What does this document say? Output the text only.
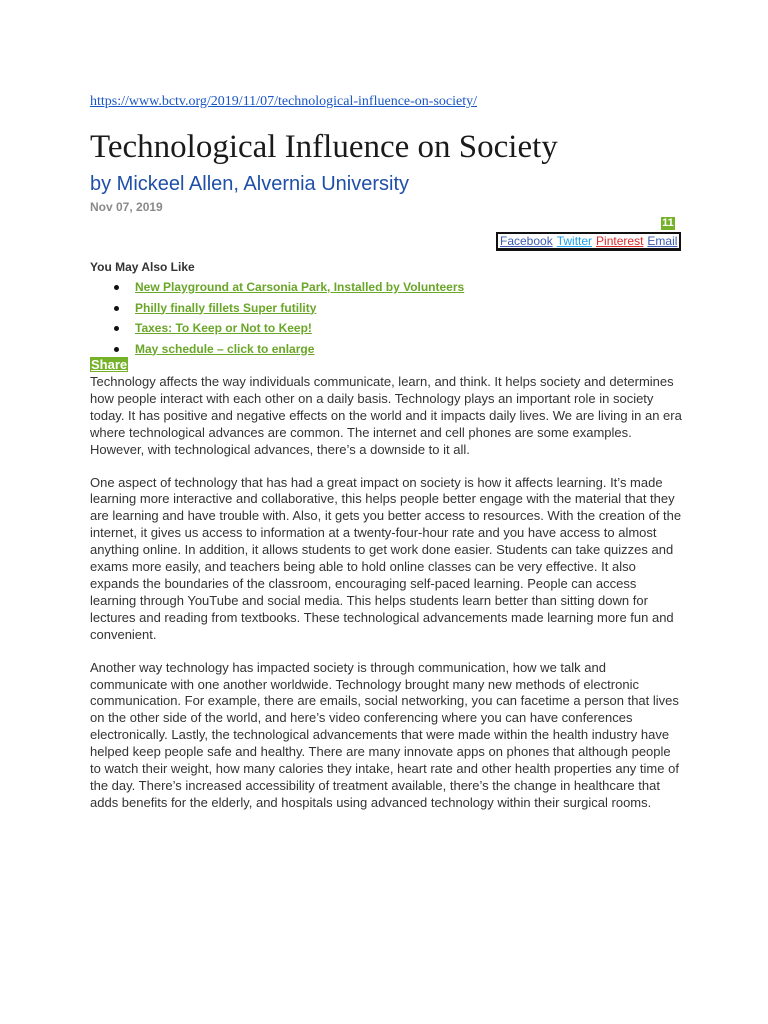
https://www.bctv.org/2019/11/07/technological-influence-on-society/
Technological Influence on Society
by Mickeel Allen, Alvernia University
Nov 07, 2019
11
Facebook Twitter Pinterest Email
You May Also Like
New Playground at Carsonia Park, Installed by Volunteers
Philly finally fillets Super futility
Taxes: To Keep or Not to Keep!
May schedule – click to enlarge
Share

Technology affects the way individuals communicate, learn, and think. It helps society and determines how people interact with each other on a daily basis. Technology plays an important role in society today. It has positive and negative effects on the world and it impacts daily lives. We are living in an era where technological advances are common. The internet and cell phones are some examples. However, with technological advances, there’s a downside to it all.

One aspect of technology that has had a great impact on society is how it affects learning. It’s made learning more interactive and collaborative, this helps people better engage with the material that they are learning and have trouble with. Also, it gets you better access to resources. With the creation of the internet, it gives us access to information at a twenty-four-hour rate and you have access to almost anything online. In addition, it allows students to get work done easier. Students can take quizzes and exams more easily, and teachers being able to hold online classes can be very effective. It also expands the boundaries of the classroom, encouraging self-paced learning. People can access learning through YouTube and social media. This helps students learn better than sitting down for lectures and reading from textbooks. These technological advancements made learning more fun and convenient.

Another way technology has impacted society is through communication, how we talk and communicate with one another worldwide. Technology brought many new methods of electronic communication. For example, there are emails, social networking, you can facetime a person that lives on the other side of the world, and here’s video conferencing where you can have conferences electronically. Lastly, the technological advancements that were made within the health industry have helped keep people safe and healthy. There are many innovate apps on phones that although people to watch their weight, how many calories they intake, heart rate and other health properties any time of the day. There’s increased accessibility of treatment available, there’s the change in healthcare that adds benefits for the elderly, and hospitals using advanced technology within their surgical rooms.
